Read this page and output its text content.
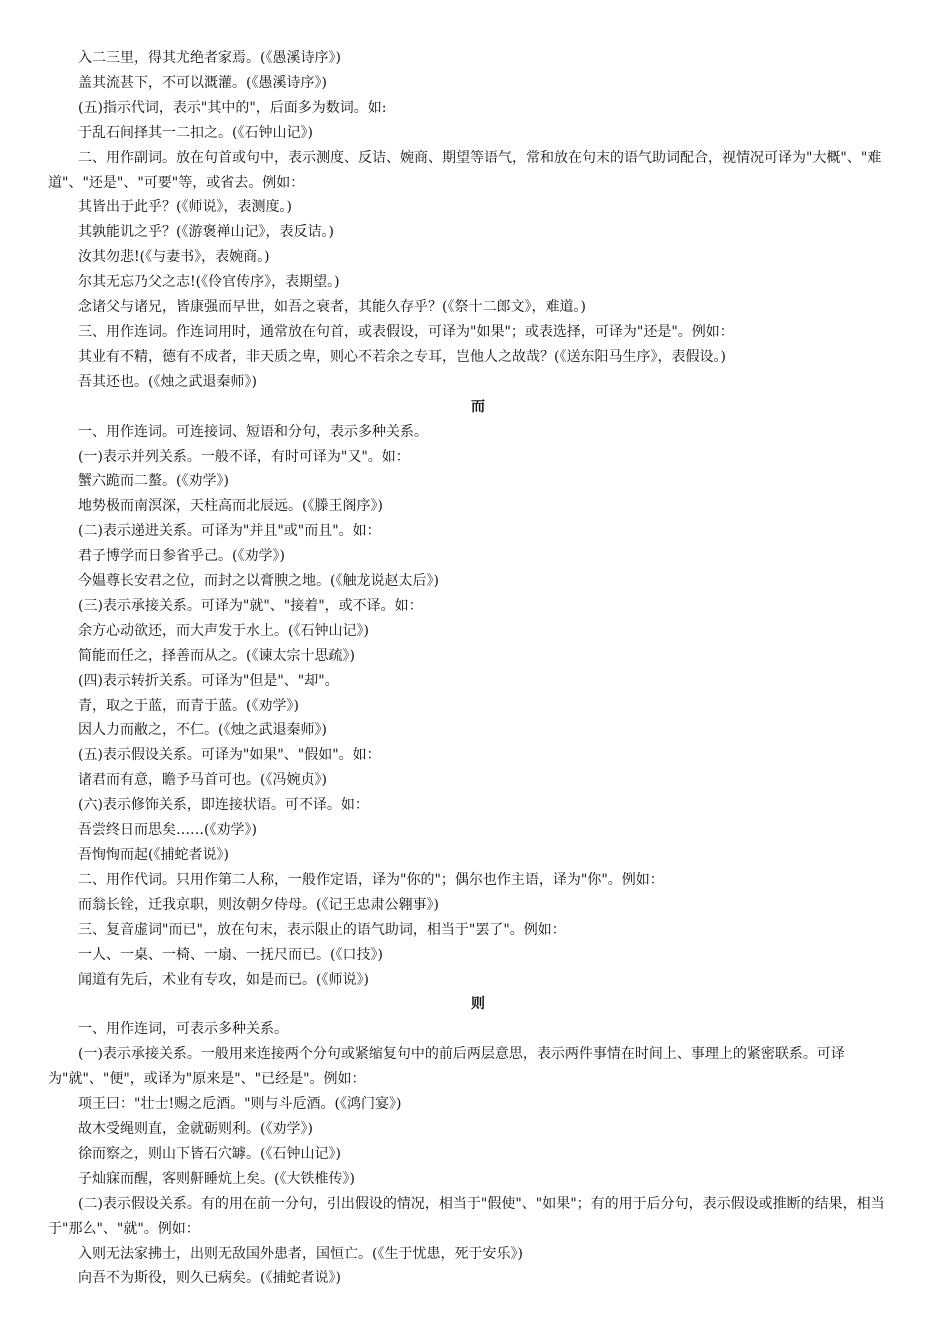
入二三里，得其尤绝者家焉。(《愚溪诗序》)
盖其流甚下，不可以溉灌。(《愚溪诗序》)
(五)指示代词，表示"其中的"，后面多为数词。如:
于乱石间择其一二扣之。(《石钟山记》)
二、用作副词。放在句首或句中，表示测度、反诘、婉商、期望等语气，常和放在句末的语气助词配合，视情况可译为"大概"、"难道"、"还是"、"可要"等，或省去。例如：
其皆出于此乎？(《师说》，表测度。)
其孰能讥之乎？(《游褒禅山记》，表反诘。)
汝其勿悲!(《与妻书》，表婉商。)
尔其无忘乃父之志!(《伶官传序》，表期望。)
念诸父与诸兄，皆康强而早世，如吾之衰者，其能久存乎？(《祭十二郎文》，难道。)
三、用作连词。作连词用时，通常放在句首，或表假设，可译为"如果"；或表选择，可译为"还是"。例如：
其业有不精，德有不成者，非天质之卑，则心不若余之专耳，岂他人之故哉？(《送东阳马生序》，表假设。)
吾其还也。(《烛之武退秦师》)
而
一、用作连词。可连接词、短语和分句，表示多种关系。
(一)表示并列关系。一般不译，有时可译为"又"。如：
蟹六跪而二螯。(《劝学》)
地势极而南溟深，天柱高而北辰远。(《滕王阁序》)
(二)表示递进关系。可译为"并且"或"而且"。如：
君子博学而日参省乎己。(《劝学》)
今媪尊长安君之位，而封之以膏腴之地。(《触龙说赵太后》)
(三)表示承接关系。可译为"就"、"接着"，或不译。如：
余方心动欲还，而大声发于水上。(《石钟山记》)
简能而任之，择善而从之。(《谏太宗十思疏》)
(四)表示转折关系。可译为"但是"、"却"。
青，取之于蓝，而青于蓝。(《劝学》)
因人力而敝之，不仁。(《烛之武退秦师》)
(五)表示假设关系。可译为"如果"、"假如"。如：
诸君而有意，瞻予马首可也。(《冯婉贞》)
(六)表示修饰关系，即连接状语。可不译。如：
吾尝终日而思矣……(《劝学》)
吾恂恂而起(《捕蛇者说》)
二、用作代词。只用作第二人称，一般作定语，译为"你的"；偶尔也作主语，译为"你"。例如：
而翁长铨，迁我京职，则汝朝夕侍母。(《记王忠肃公翱事》)
三、复音虚词"而已"，放在句末，表示限止的语气助词，相当于"罢了"。例如：
一人、一桌、一椅、一扇、一抚尺而已。(《口技》)
闻道有先后，术业有专攻，如是而已。(《师说》)
则
一、用作连词，可表示多种关系。
(一)表示承接关系。一般用来连接两个分句或紧缩复句中的前后两层意思，表示两件事情在时间上、事理上的紧密联系。可译为"就"、"便"，或译为"原来是"、"已经是"。例如：
项王曰："壮士!赐之卮酒。"则与斗卮酒。(《鸿门宴》)
故木受绳则直，金就砺则利。(《劝学》)
徐而察之，则山下皆石穴罅。(《石钟山记》)
子灿寐而醒，客则鼾睡炕上矣。(《大铁椎传》)
(二)表示假设关系。有的用在前一分句，引出假设的情况，相当于"假使"、"如果"；有的用于后分句，表示假设或推断的结果，相当于"那么"、"就"。例如：
入则无法家拂士，出则无敌国外患者，国恒亡。(《生于忧患，死于安乐》)
向吾不为斯役，则久已病矣。(《捕蛇者说》)
